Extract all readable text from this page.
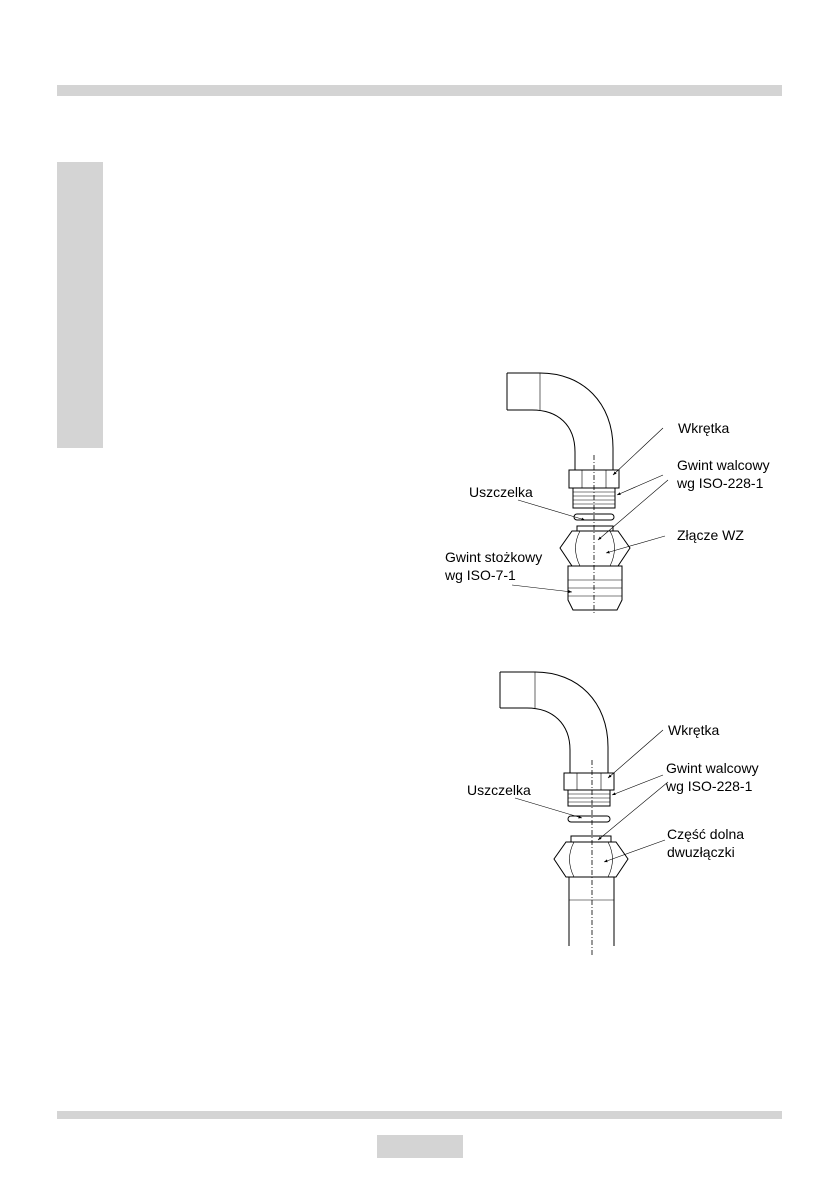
Wkrętka
Gwint walcowy
wg ISO-228-1
Uszczelka
Złącze WZ
Gwint stożkowy
wg ISO-7-1
Wkrętka
Gwint walcowy
wg ISO-228-1
Uszczelka
Część dolna
dwuzłączki
